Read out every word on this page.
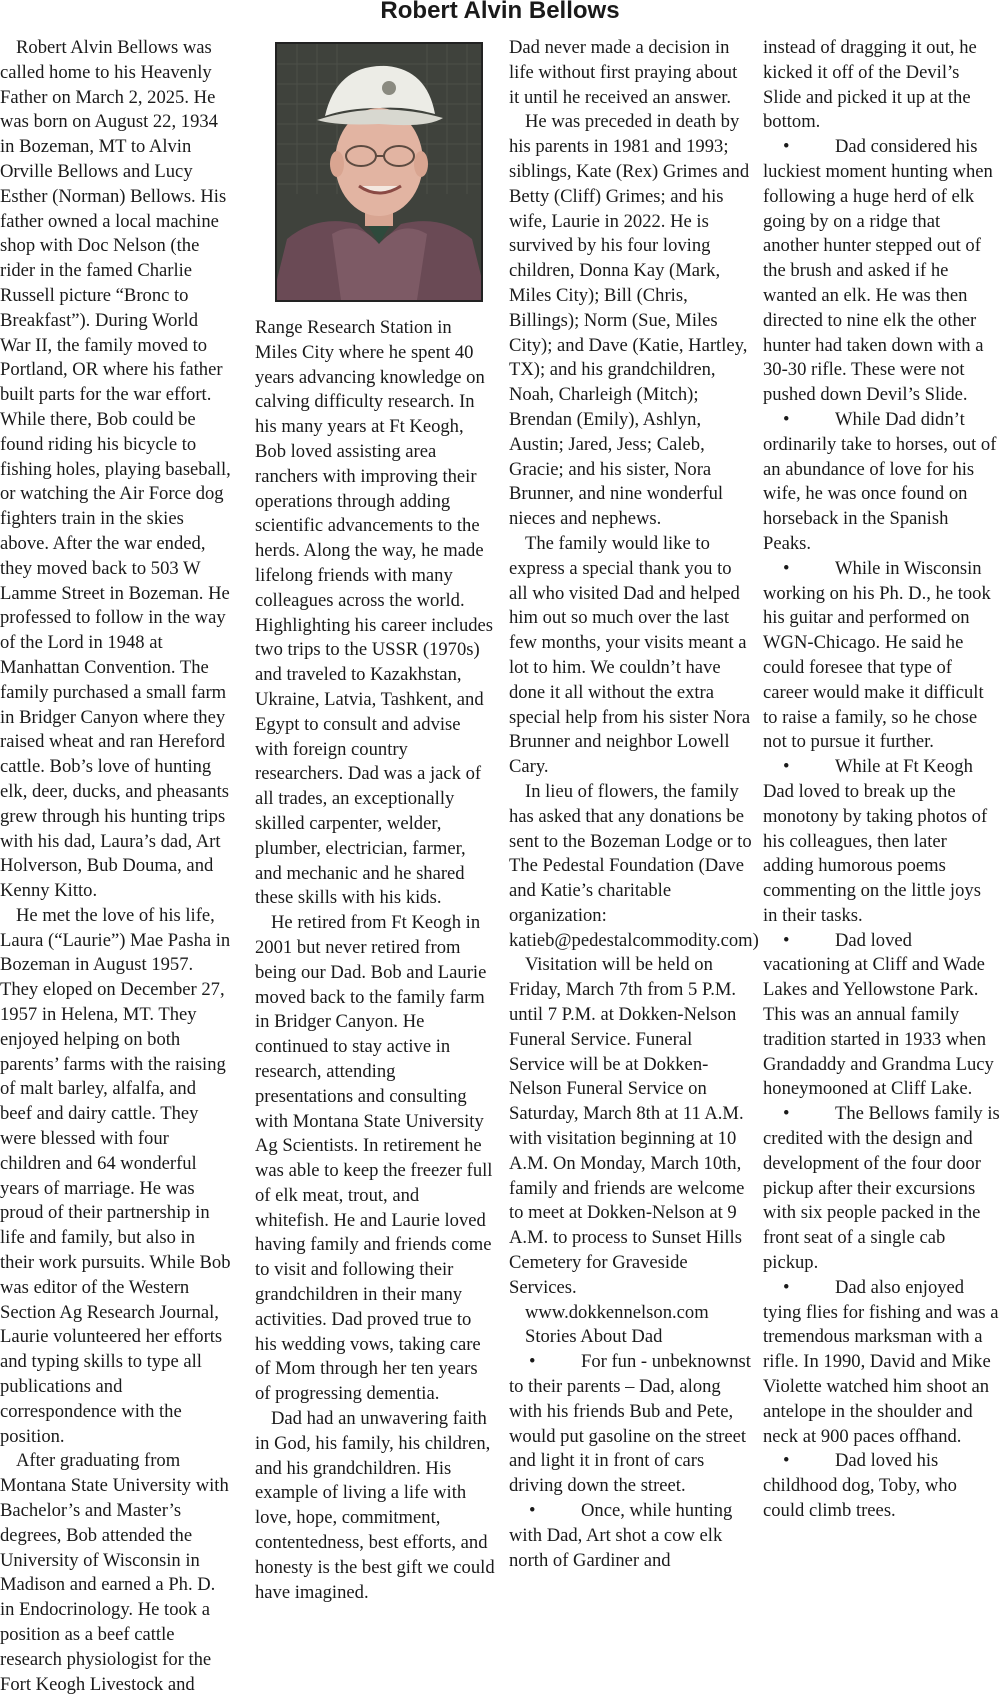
Robert Alvin Bellows

Robert Alvin Bellows was called home to his Heavenly Father on March 2, 2025. He was born on August 22, 1934 in Bozeman, MT to Alvin Orville Bellows and Lucy Esther (Norman) Bellows. His father owned a local machine shop with Doc Nelson (the rider in the famed Charlie Russell picture “Bronc to Breakfast”). During World War II, the family moved to Portland, OR where his father built parts for the war effort. While there, Bob could be found riding his bicycle to fishing holes, playing baseball, or watching the Air Force dog fighters train in the skies above. After the war ended, they moved back to 503 W Lamme Street in Bozeman. He professed to follow in the way of the Lord in 1948 at Manhattan Convention. The family purchased a small farm in Bridger Canyon where they raised wheat and ran Hereford cattle. Bob’s love of hunting elk, deer, ducks, and pheasants grew through his hunting trips with his dad, Laura’s dad, Art Holverson, Bub Douma, and Kenny Kitto.

He met the love of his life, Laura (“Laurie”) Mae Pasha in Bozeman in August 1957. They eloped on December 27, 1957 in Helena, MT. They enjoyed helping on both parents’ farms with the raising of malt barley, alfalfa, and beef and dairy cattle. They were blessed with four children and 64 wonderful years of marriage. He was proud of their partnership in life and family, but also in their work pursuits. While Bob was editor of the Western Section Ag Research Journal, Laurie volunteered her efforts and typing skills to type all publications and correspondence with the position.

After graduating from Montana State University with Bachelor’s and Master’s degrees, Bob attended the University of Wisconsin in Madison and earned a Ph. D. in Endocrinology. He took a position as a beef cattle research physiologist for the Fort Keogh Livestock and

Range Research Station in Miles City where he spent 40 years advancing knowledge on calving difficulty research. In his many years at Ft Keogh, Bob loved assisting area ranchers with improving their operations through adding scientific advancements to the herds. Along the way, he made lifelong friends with many colleagues across the world. Highlighting his career includes two trips to the USSR (1970s) and traveled to Kazakhstan, Ukraine, Latvia, Tashkent, and Egypt to consult and advise with foreign country researchers. Dad was a jack of all trades, an exceptionally skilled carpenter, welder, plumber, electrician, farmer, and mechanic and he shared these skills with his kids.

He retired from Ft Keogh in 2001 but never retired from being our Dad. Bob and Laurie moved back to the family farm in Bridger Canyon. He continued to stay active in research, attending presentations and consulting with Montana State University Ag Scientists. In retirement he was able to keep the freezer full of elk meat, trout, and whitefish. He and Laurie loved having family and friends come to visit and following their grandchildren in their many activities. Dad proved true to his wedding vows, taking care of Mom through her ten years of progressing dementia.

Dad had an unwavering faith in God, his family, his children, and his grandchildren. His example of living a life with love, hope, commitment, contentedness, best efforts, and honesty is the best gift we could have imagined.

Dad never made a decision in life without first praying about it until he received an answer.

He was preceded in death by his parents in 1981 and 1993; siblings, Kate (Rex) Grimes and Betty (Cliff) Grimes; and his wife, Laurie in 2022. He is survived by his four loving children, Donna Kay (Mark, Miles City); Bill (Chris, Billings); Norm (Sue, Miles City); and Dave (Katie, Hartley, TX); and his grandchildren, Noah, Charleigh (Mitch); Brendan (Emily), Ashlyn, Austin; Jared, Jess; Caleb, Gracie; and his sister, Nora Brunner, and nine wonderful nieces and nephews.

The family would like to express a special thank you to all who visited Dad and helped him out so much over the last few months, your visits meant a lot to him. We couldn’t have done it all without the extra special help from his sister Nora Brunner and neighbor Lowell Cary.

In lieu of flowers, the family has asked that any donations be sent to the Bozeman Lodge or to The Pedestal Foundation (Dave and Katie’s charitable organization: katieb@pedestalcommodity.com)

Visitation will be held on Friday, March 7th from 5 P.M. until 7 P.M. at Dokken-Nelson Funeral Service. Funeral Service will be at Dokken-Nelson Funeral Service on Saturday, March 8th at 11 A.M. with visitation beginning at 10 A.M. On Monday, March 10th, family and friends are welcome to meet at Dokken-Nelson at 9 A.M. to process to Sunset Hills Cemetery for Graveside Services.

www.dokkennelson.com

Stories About Dad

• For fun - unbeknownst to their parents – Dad, along with his friends Bub and Pete, would put gasoline on the street and light it in front of cars driving down the street.

• Once, while hunting with Dad, Art shot a cow elk north of Gardiner and

instead of dragging it out, he kicked it off of the Devil’s Slide and picked it up at the bottom.

• Dad considered his luckiest moment hunting when following a huge herd of elk going by on a ridge that another hunter stepped out of the brush and asked if he wanted an elk. He was then directed to nine elk the other hunter had taken down with a 30-30 rifle. These were not pushed down Devil’s Slide.

• While Dad didn’t ordinarily take to horses, out of an abundance of love for his wife, he was once found on horseback in the Spanish Peaks.

• While in Wisconsin working on his Ph. D., he took his guitar and performed on WGN-Chicago. He said he could foresee that type of career would make it difficult to raise a family, so he chose not to pursue it further.

• While at Ft Keogh Dad loved to break up the monotony by taking photos of his colleagues, then later adding humorous poems commenting on the little joys in their tasks.

• Dad loved vacationing at Cliff and Wade Lakes and Yellowstone Park. This was an annual family tradition started in 1933 when Grandaddy and Grandma Lucy honeymooned at Cliff Lake.

• The Bellows family is credited with the design and development of the four door pickup after their excursions with six people packed in the front seat of a single cab pickup.

• Dad also enjoyed tying flies for fishing and was a tremendous marksman with a rifle. In 1990, David and Mike Violette watched him shoot an antelope in the shoulder and neck at 900 paces offhand.

• Dad loved his childhood dog, Toby, who could climb trees.
